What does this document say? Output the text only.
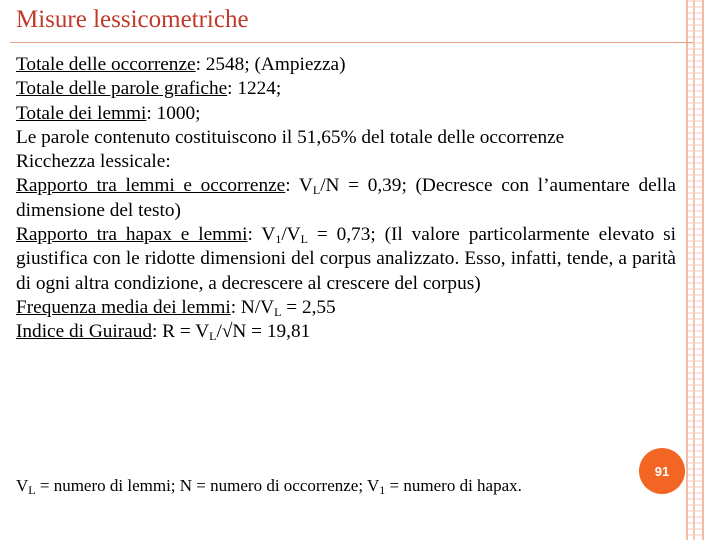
Misure lessicometriche

Totale delle occorrenze: 2548; (Ampiezza)

Totale delle parole grafiche: 1224;

Totale dei lemmi: 1000;

Le parole contenuto costituiscono il 51,65% del totale delle occorrenze

Ricchezza lessicale:

Rapporto tra lemmi e occorrenze: $V_L/N = 0,39$; (Decresce con l’aumentare della dimensione del testo)

Rapporto tra hapax e lemmi: $V_1/V_L = 0,73$; (Il valore particolarmente elevato si giustifica con le ridotte dimensioni del corpus analizzato. Esso, infatti, tende, a parità di ogni altra condizione, a decrescere al crescere del corpus)

Frequenza media dei lemmi: $N/V_L = 2,55$

Indice di Guiraud: $R = V_L/√N = 19,81$

$V_L$ = numero di lemmi; N = numero di occorrenze; $V_1$ = numero di hapax.
91
